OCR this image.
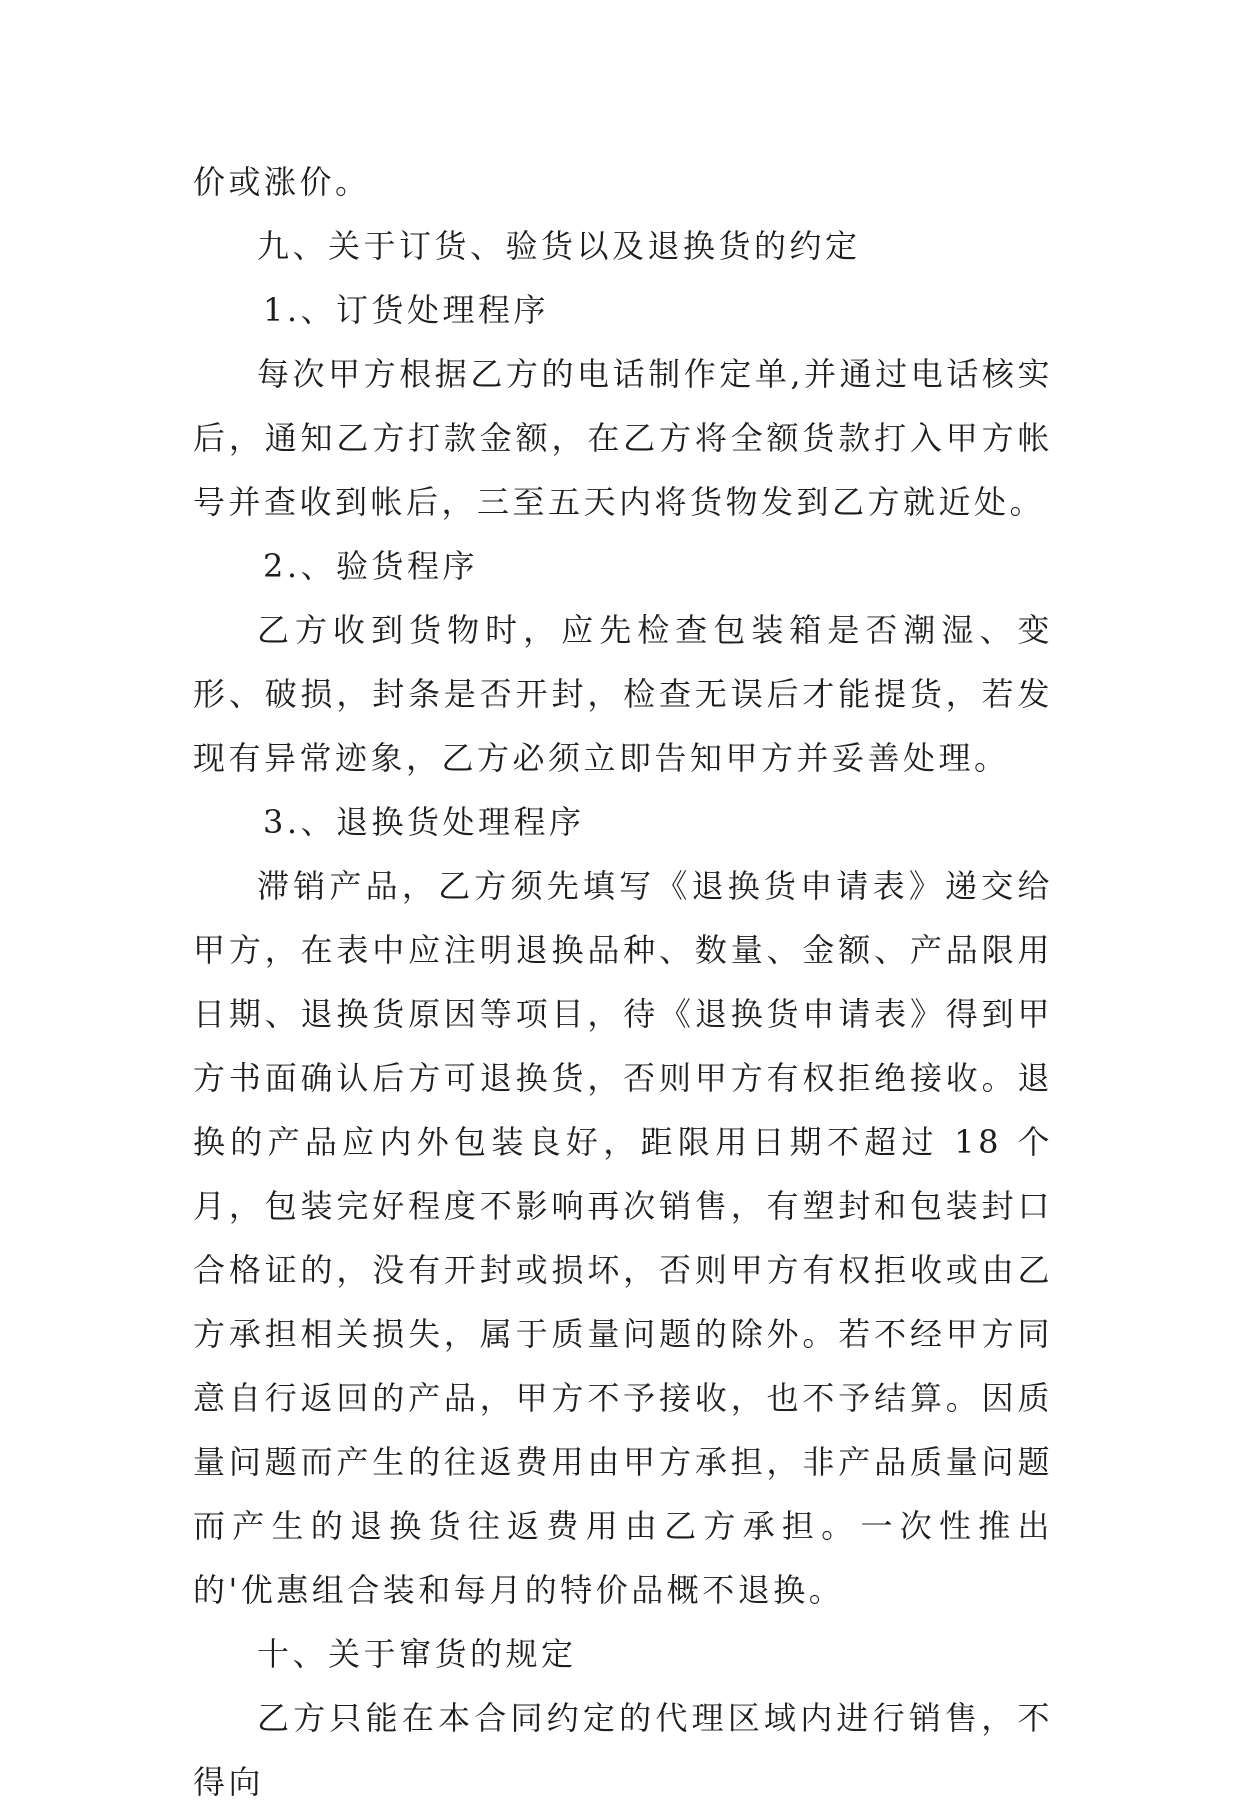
价或涨价。

九、关于订货、验货以及退换货的约定

1.、订货处理程序

每次甲方根据乙方的电话制作定单,并通过电话核实后，通知乙方打款金额，在乙方将全额货款打入甲方帐号并查收到帐后，三至五天内将货物发到乙方就近处。

2.、验货程序

乙方收到货物时，应先检查包装箱是否潮湿、变形、破损，封条是否开封，检查无误后才能提货，若发现有异常迹象，乙方必须立即告知甲方并妥善处理。

3.、退换货处理程序

滞销产品，乙方须先填写《退换货申请表》递交给甲方，在表中应注明退换品种、数量、金额、产品限用日期、退换货原因等项目，待《退换货申请表》得到甲方书面确认后方可退换货，否则甲方有权拒绝接收。退换的产品应内外包装良好，距限用日期不超过 18 个月，包装完好程度不影响再次销售，有塑封和包装封口合格证的，没有开封或损坏，否则甲方有权拒收或由乙方承担相关损失，属于质量问题的除外。若不经甲方同意自行返回的产品，甲方不予接收，也不予结算。因质量问题而产生的往返费用由甲方承担，非产品质量问题而产生的退换货往返费用由乙方承担。一次性推出的'优惠组合装和每月的特价品概不退换。

十、关于窜货的规定

乙方只能在本合同约定的代理区域内进行销售，不得向
